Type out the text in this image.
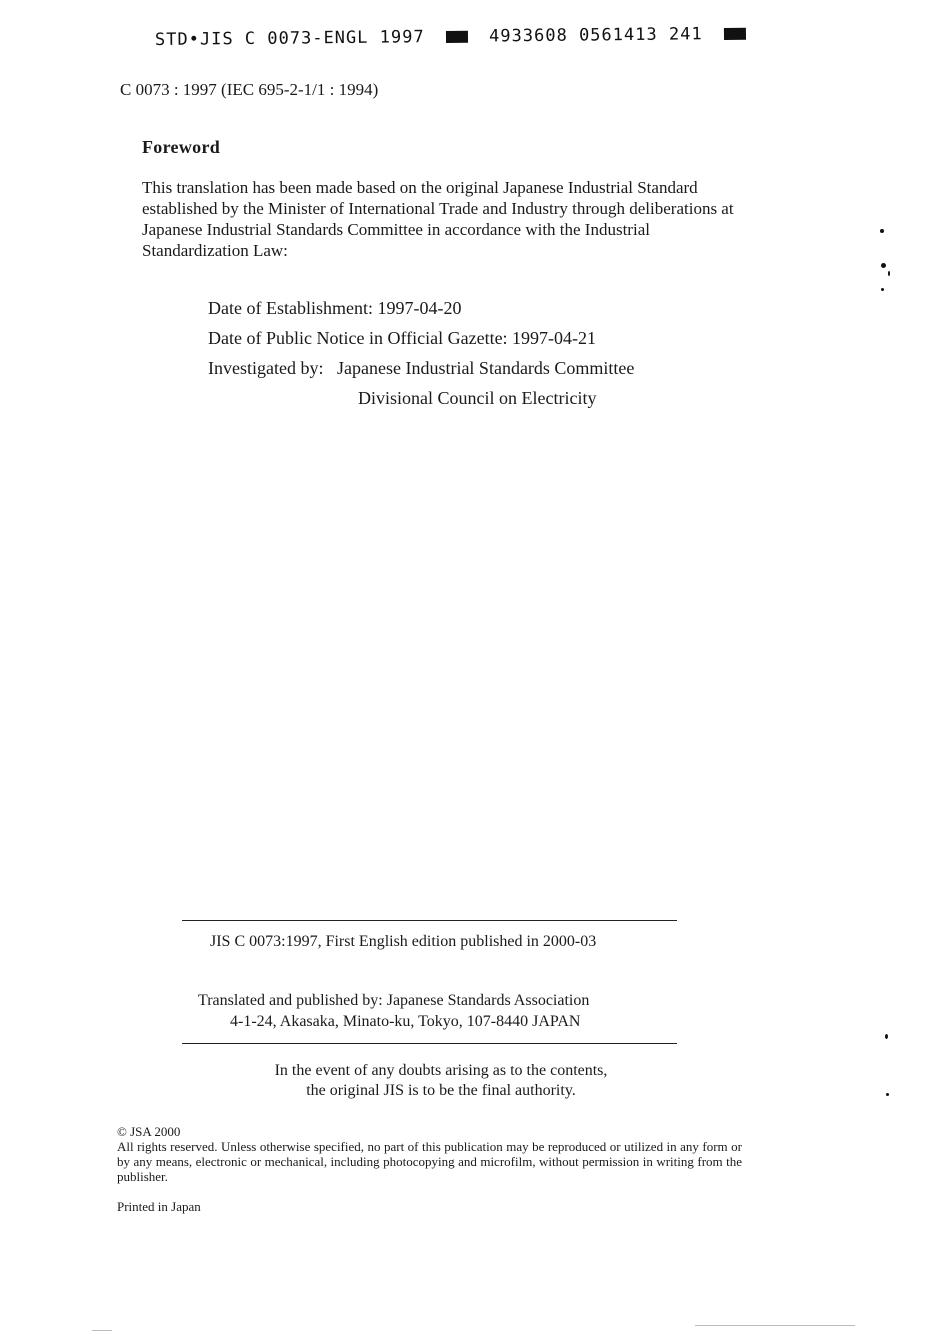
STD•JIS C 0073-ENGL 1997	4933608 0561413 241
C 0073 : 1997 (IEC 695-2-1/1 : 1994)
Foreword
This translation has been made based on the original Japanese Industrial Standard established by the Minister of International Trade and Industry through deliberations at Japanese Industrial Standards Committee in accordance with the Industrial Standardization Law:
Date of Establishment: 1997-04-20
Date of Public Notice in Official Gazette: 1997-04-21
Investigated by: Japanese Industrial Standards Committee
Divisional Council on Electricity
JIS C 0073:1997, First English edition published in 2000-03
Translated and published by: Japanese Standards Association
4-1-24, Akasaka, Minato-ku, Tokyo, 107-8440 JAPAN
In the event of any doubts arising as to the contents,
the original JIS is to be the final authority.
© JSA 2000
All rights reserved. Unless otherwise specified, no part of this publication may be reproduced or utilized in any form or by any means, electronic or mechanical, including photocopying and microfilm, without permission in writing from the publisher.
Printed in Japan
